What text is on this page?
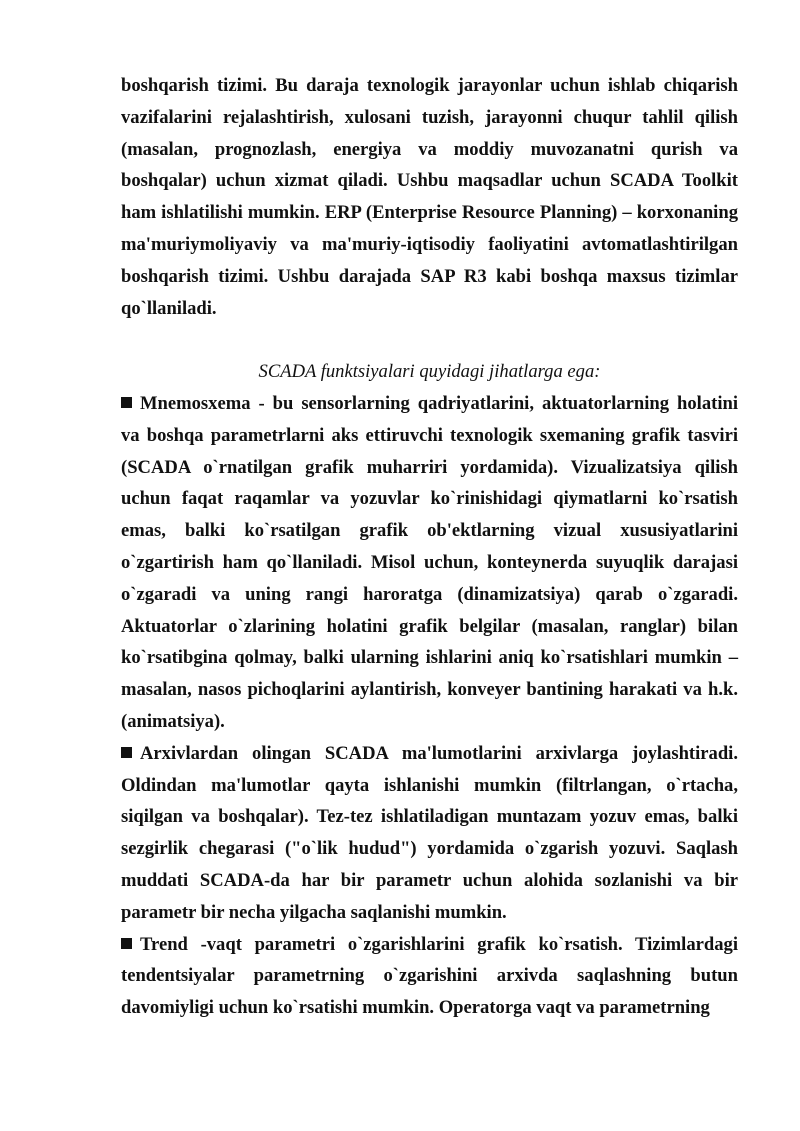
boshqarish tizimi. Bu daraja texnologik jarayonlar uchun ishlab chiqarish vazifalarini rejalashtirish, xulosani tuzish, jarayonni chuqur tahlil qilish (masalan, prognozlash, energiya va moddiy muvozanatni qurish va boshqalar) uchun xizmat qiladi. Ushbu maqsadlar uchun SCADA Toolkit ham ishlatilishi mumkin. ERP (Enterprise Resource Planning) – korxonaning ma'muriymoliyaviy va ma'muriy-iqtisodiy faoliyatini avtomatlashtirilgan boshqarish tizimi. Ushbu darajada SAP R3 kabi boshqa maxsus tizimlar qo`llaniladi.

SCADA funktsiyalari quyidagi jihatlarga ega:

Mnemosxema - bu sensorlarning qadriyatlarini, aktuatorlarning holatini va boshqa parametrlarni aks ettiruvchi texnologik sxemaning grafik tasviri (SCADA o`rnatilgan grafik muharriri yordamida). Vizualizatsiya qilish uchun faqat raqamlar va yozuvlar ko`rinishidagi qiymatlarni ko`rsatish emas, balki ko`rsatilgan grafik ob'ektlarning vizual xususiyatlarini o`zgartirish ham qo`llaniladi. Misol uchun, konteynerda suyuqlik darajasi o`zgaradi va uning rangi haroratga (dinamizatsiya) qarab o`zgaradi. Aktuatorlar o`zlarining holatini grafik belgilar (masalan, ranglar) bilan ko`rsatibgina qolmay, balki ularning ishlarini aniq ko`rsatishlari mumkin – masalan, nasos pichoqlarini aylantirish, konveyer bantining harakati va h.k. (animatsiya).

Arxivlardan olingan SCADA ma'lumotlarini arxivlarga joylashtiradi. Oldindan ma'lumotlar qayta ishlanishi mumkin (filtrlangan, o`rtacha, siqilgan va boshqalar). Tez-tez ishlatiladigan muntazam yozuv emas, balki sezgirlik chegarasi ("o`lik hudud") yordamida o`zgarish yozuvi. Saqlash muddati SCADA-da har bir parametr uchun alohida sozlanishi va bir parametr bir necha yilgacha saqlanishi mumkin.

Trend -vaqt parametri o`zgarishlarini grafik ko`rsatish. Tizimlardagi tendentsiyalar parametrning o`zgarishini arxivda saqlashning butun davomiyligi uchun ko`rsatishi mumkin. Operatorga vaqt va parametrning
